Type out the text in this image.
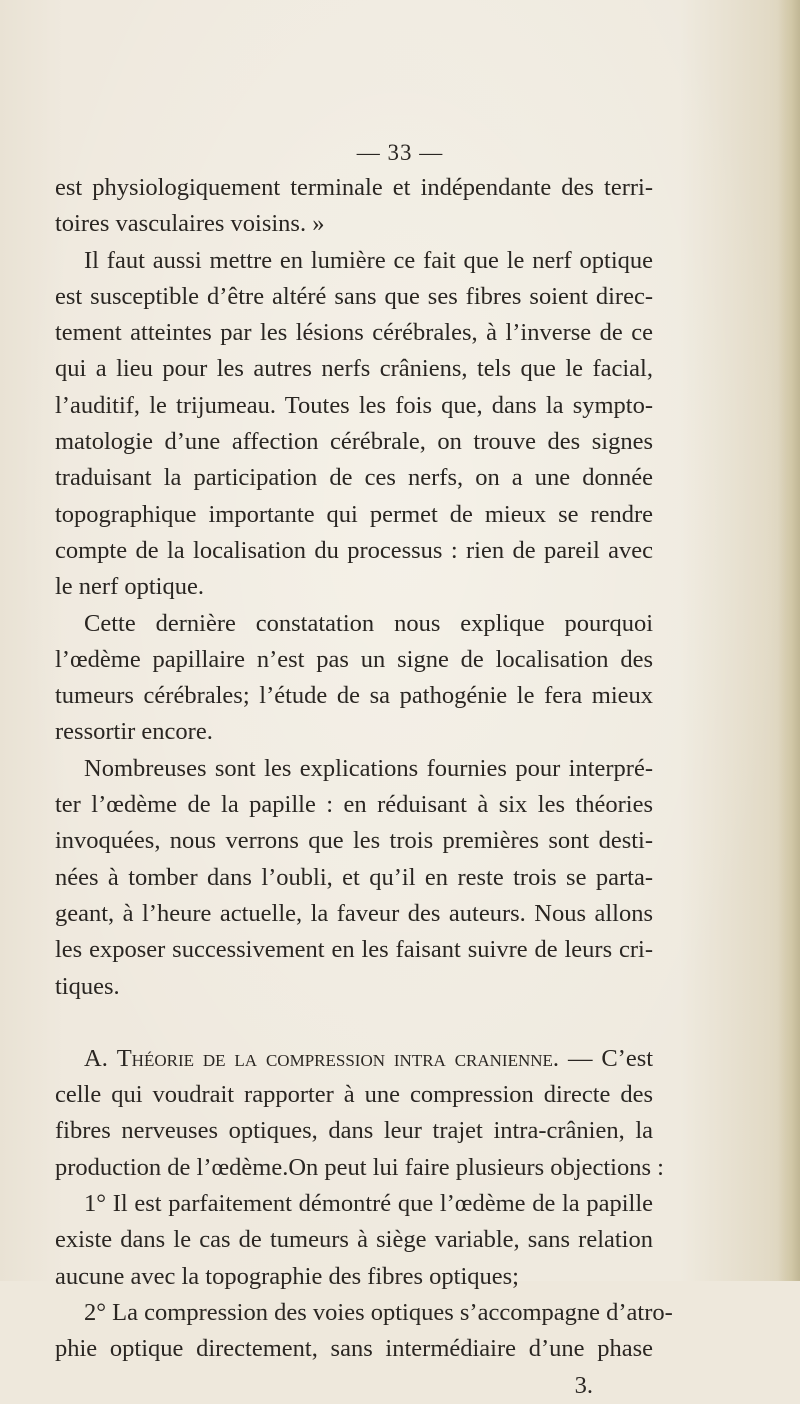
— 33 —
est physiologiquement terminale et indépendante des terri-
toires vasculaires voisins. »
Il faut aussi mettre en lumière ce fait que le nerf optique
est susceptible d’être altéré sans que ses fibres soient direc-
tement atteintes par les lésions cérébrales, à l’inverse de ce
qui a lieu pour les autres nerfs crâniens, tels que le facial,
l’auditif, le trijumeau. Toutes les fois que, dans la sympto-
matologie d’une affection cérébrale, on trouve des signes
traduisant la participation de ces nerfs, on a une donnée
topographique importante qui permet de mieux se rendre
compte de la localisation du processus : rien de pareil avec
le nerf optique.
Cette dernière constatation nous explique pourquoi
l’œdème papillaire n’est pas un signe de localisation des
tumeurs cérébrales; l’étude de sa pathogénie le fera mieux
ressortir encore.
Nombreuses sont les explications fournies pour interpré-
ter l’œdème de la papille : en réduisant à six les théories
invoquées, nous verrons que les trois premières sont desti-
nées à tomber dans l’oubli, et qu’il en reste trois se parta-
geant, à l’heure actuelle, la faveur des auteurs. Nous allons
les exposer successivement en les faisant suivre de leurs cri-
tiques.
A. Théorie de la compression intra cranienne. — C’est
celle qui voudrait rapporter à une compression directe des
fibres nerveuses optiques, dans leur trajet intra-crânien, la
production de l’œdème.On peut lui faire plusieurs objections :
1° Il est parfaitement démontré que l’œdème de la papille
existe dans le cas de tumeurs à siège variable, sans relation
aucune avec la topographie des fibres optiques;
2° La compression des voies optiques s’accompagne d’atro-
phie optique directement, sans intermédiaire d’une phase
3.
